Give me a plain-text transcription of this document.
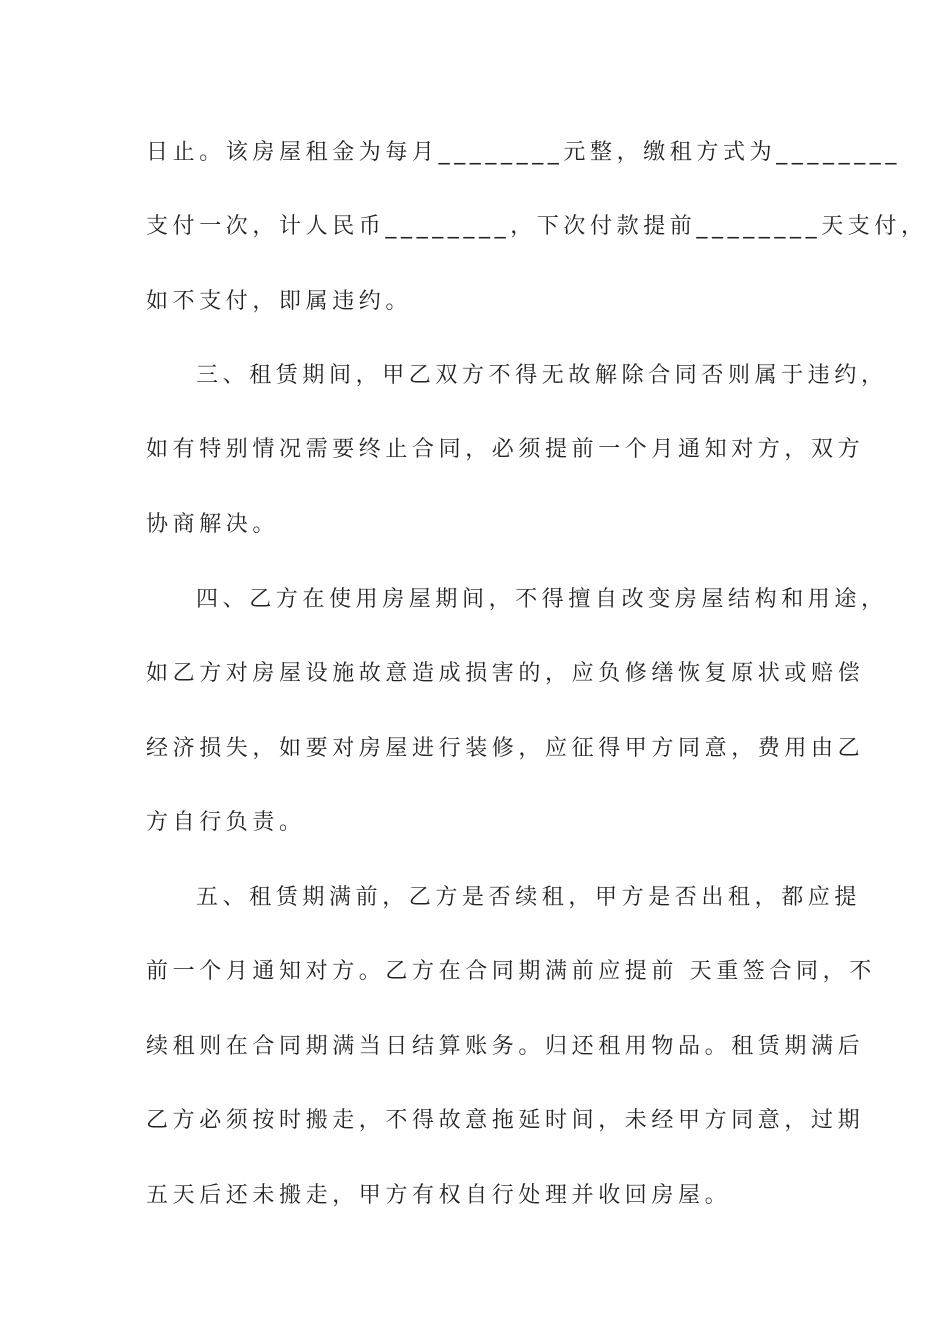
日止。该房屋租金为每月________元整，缴租方式为________
支付一次，计人民币________，下次付款提前________天支付，
如不支付，即属违约。
三、租赁期间，甲乙双方不得无故解除合同否则属于违约，
如有特别情况需要终止合同，必须提前一个月通知对方，双方
协商解决。
四、乙方在使用房屋期间，不得擅自改变房屋结构和用途，
如乙方对房屋设施故意造成损害的，应负修缮恢复原状或赔偿
经济损失，如要对房屋进行装修，应征得甲方同意，费用由乙
方自行负责。
五、租赁期满前，乙方是否续租，甲方是否出租，都应提
前一个月通知对方。乙方在合同期满前应提前 天重签合同，不
续租则在合同期满当日结算账务。归还租用物品。租赁期满后
乙方必须按时搬走，不得故意拖延时间，未经甲方同意，过期
五天后还未搬走，甲方有权自行处理并收回房屋。
